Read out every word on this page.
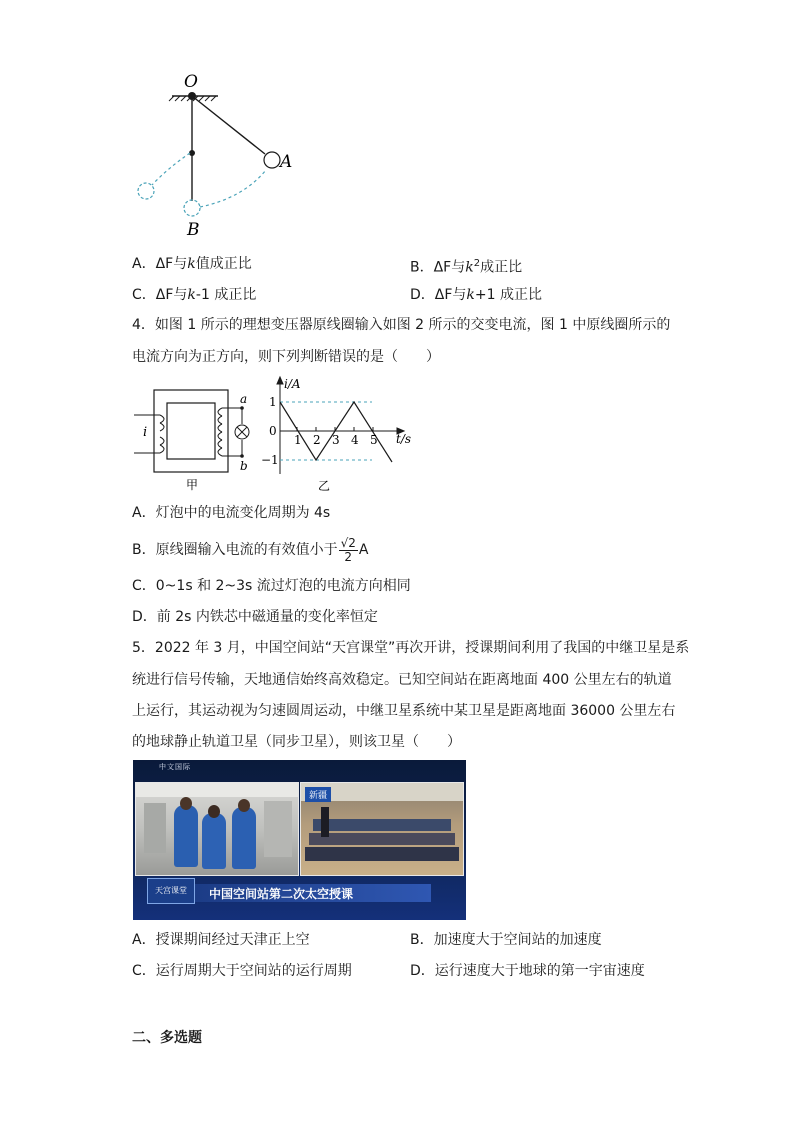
O
A
B
A．ΔF与k值成正比	B．ΔF与$k^2$成正比
C．ΔF与k-1 成正比	D．ΔF与k+1 成正比
4．如图 1 所示的理想变压器原线圈输入如图 2 所示的交变电流，图 1 中原线圈所示的
电流方向为正方向，则下列判断错误的是（　　）
i
a
b
甲
i/A
t/s
1
0
−1
1 2 3 4 5
乙
A．灯泡中的电流变化周期为 4s
B．原线圈输入电流的有效值小于 $\frac{√2}{2}$ A
C．0~1s 和 2~3s 流过灯泡的电流方向相同
D．前 2s 内铁芯中磁通量的变化率恒定
5．2022 年 3 月，中国空间站“天宫课堂”再次开讲，授课期间利用了我国的中继卫星是系
统进行信号传输，天地通信始终高效稳定。已知空间站在距离地面 400 公里左右的轨道
上运行，其运动视为匀速圆周运动，中继卫星系统中某卫星是距离地面 36000 公里左右
的地球静止轨道卫星（同步卫星），则该卫星（　　）
中文国际
新疆
天宫课堂	中国空间站第二次太空授课
A．授课期间经过天津正上空	B．加速度大于空间站的加速度
C．运行周期大于空间站的运行周期	D．运行速度大于地球的第一宇宙速度
二、多选题
